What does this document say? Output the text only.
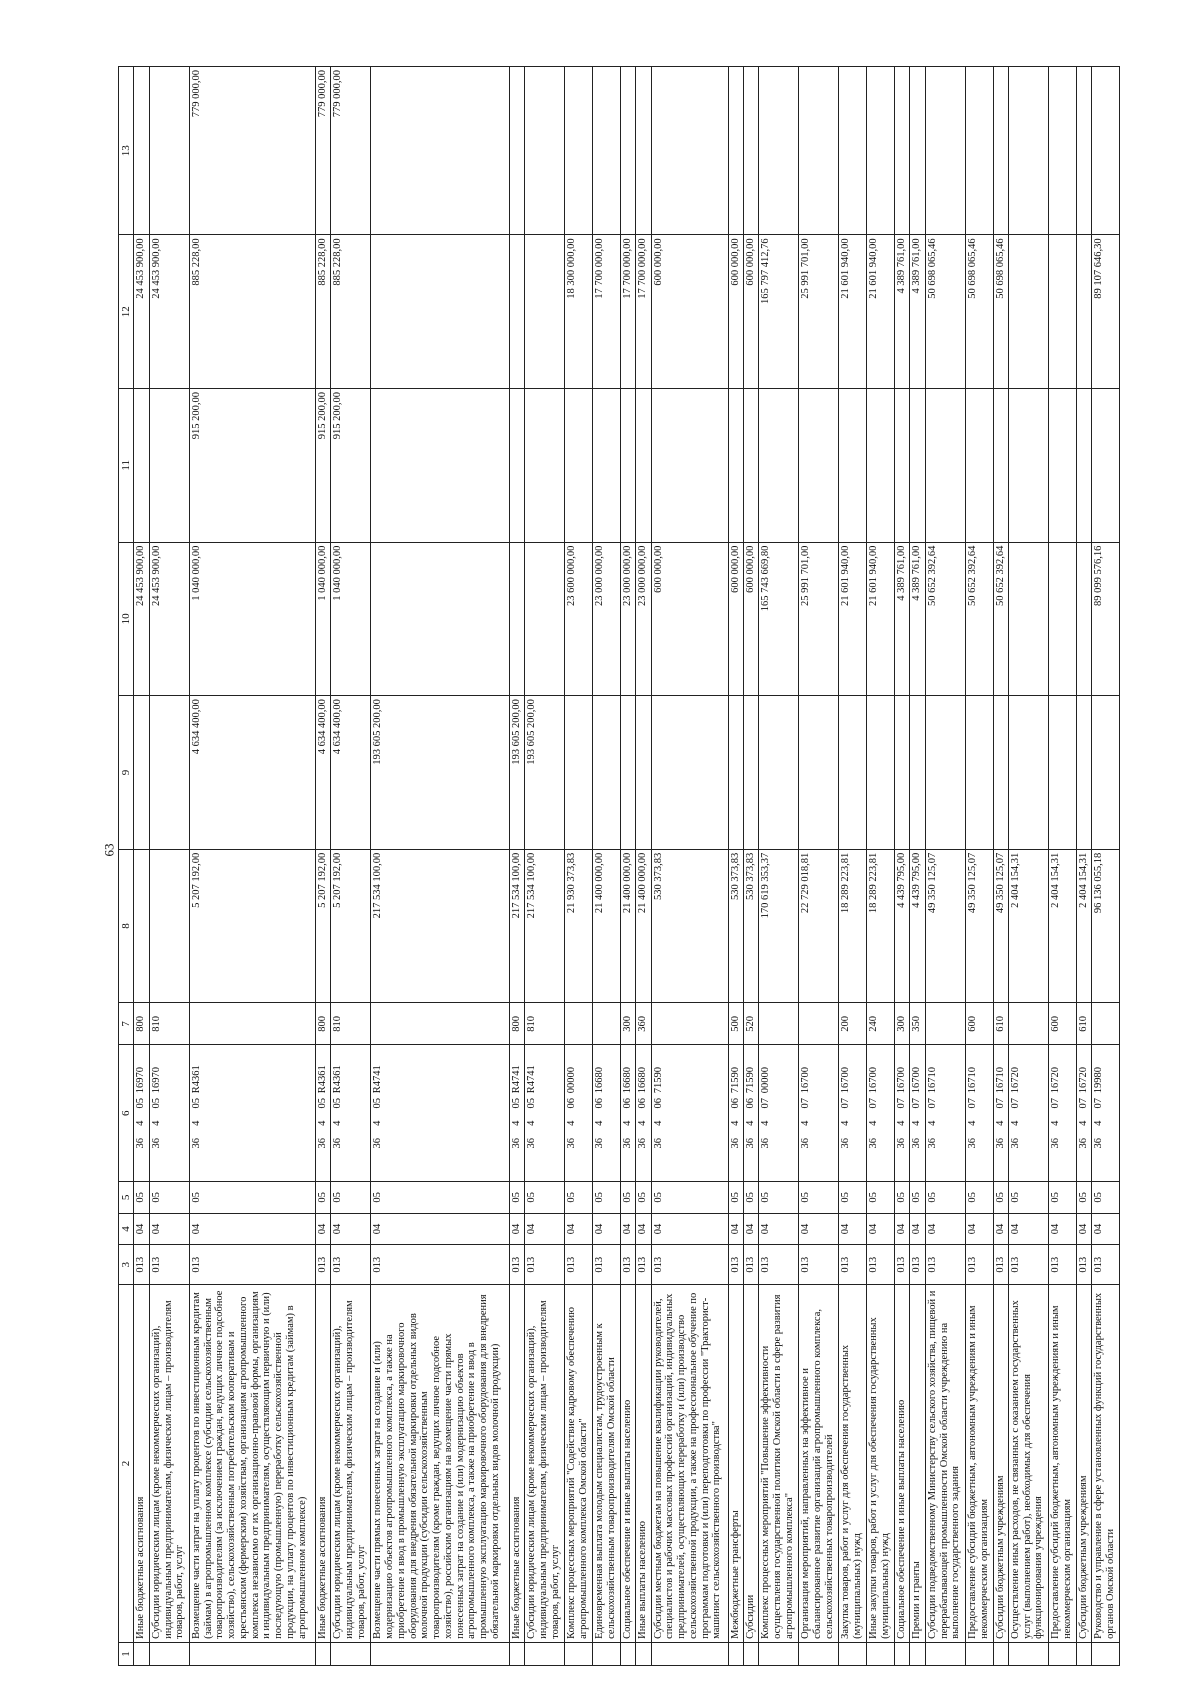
63
1	2	3	4	5	6	7	8	9	10	11	12	13
	Иные бюджетные ассигнования	013	04	05	3640516970	800			24 453 900,00		24 453 900,00	
	Субсидии юридическим лицам (кроме некоммерческих организаций), индивидуальным предпринимателям, физическим лицам – производителям товаров, работ, услуг	013	04	05	3640516970	810			24 453 900,00		24 453 900,00	
	Возмещение части затрат на уплату процентов по инвестиционным кредитам (займам) в агропромышленном комплексе (субсидии сельскохозяйственным товаропроизводителям (за исключением граждан, ведущих личное подсобное хозяйство), сельскохозяйственным потребительским кооперативам и крестьянским (фермерским) хозяйствам, организациям агропромышленного комплекса независимо от их организационно-правовой формы, организациям и индивидуальным предпринимателям, осуществляющим первичную и (или) последующую (промышленную) переработку сельскохозяйственной продукции, на уплату процентов по инвестиционным кредитам (займам) в агропромышленном комплексе)	013	04	05	36405R4361		5 207 192,00	4 634 400,00	1 040 000,00	915 200,00	885 228,00	779 000,00
	Иные бюджетные ассигнования	013	04	05	36405R4361	800	5 207 192,00	4 634 400,00	1 040 000,00	915 200,00	885 228,00	779 000,00
	Субсидии юридическим лицам (кроме некоммерческих организаций), индивидуальным предпринимателям, физическим лицам – производителям товаров, работ, услуг	013	04	05	36405R4361	810	5 207 192,00	4 634 400,00	1 040 000,00	915 200,00	885 228,00	779 000,00
	Возмещение части прямых понесенных затрат на создание и (или) модернизацию объектов агропромышленного комплекса, а также на приобретение и ввод в промышленную эксплуатацию маркировочного оборудования для внедрения обязательной маркировки отдельных видов молочной продукции (субсидии сельскохозяйственным товаропроизводителям (кроме граждан, ведущих личное подсобное хозяйство), российским организациям на возмещение части прямых понесенных затрат на создание и (или) модернизацию объектов агропромышленного комплекса, а также на приобретение и ввод в промышленную эксплуатацию маркировочного оборудования для внедрения обязательной маркировки отдельных видов молочной продукции)	013	04	05	36405R4741		217 534 100,00	193 605 200,00				
	Иные бюджетные ассигнования	013	04	05	36405R4741	800	217 534 100,00	193 605 200,00				
	Субсидии юридическим лицам (кроме некоммерческих организаций), индивидуальным предпринимателям, физическим лицам – производителям товаров, работ, услуг	013	04	05	36405R4741	810	217 534 100,00	193 605 200,00				
	Комплекс процессных мероприятий "Содействие кадровому обеспечению агропромышленного комплекса Омской области"	013	04	05	3640600000		21 930 373,83		23 600 000,00		18 300 000,00	
	Единовременная выплата молодым специалистам, трудоустроенным к сельскохозяйственным товаропроизводителям Омской области	013	04	05	3640616680		21 400 000,00		23 000 000,00		17 700 000,00	
	Социальное обеспечение и иные выплаты населению	013	04	05	3640616680	300	21 400 000,00		23 000 000,00		17 700 000,00	
	Иные выплаты населению	013	04	05	3640616680	360	21 400 000,00		23 000 000,00		17 700 000,00	
	Субсидии местным бюджетам на повышение квалификации руководителей, специалистов и рабочих массовых профессий организаций, индивидуальных предпринимателей, осуществляющих переработку и (или) производство сельскохозяйственной продукции, а также на профессиональное обучение по программам подготовки и (или) переподготовки по профессии "Тракторист-машинист сельскохозяйственного производства"	013	04	05	3640671590		530 373,83		600 000,00		600 000,00	
	Межбюджетные трансферты	013	04	05	3640671590	500	530 373,83		600 000,00		600 000,00	
	Субсидии	013	04	05	3640671590	520	530 373,83		600 000,00		600 000,00	
	Комплекс процессных мероприятий "Повышение эффективности осуществления государственной политики Омской области в сфере развития агропромышленного комплекса"	013	04	05	3640700000		170 619 353,37		165 743 669,80		165 797 412,76	
	Организация мероприятий, направленных на эффективное и сбалансированное развитие организаций агропромышленного комплекса, сельскохозяйственных товаропроизводителей	013	04	05	3640716700		22 729 018,81		25 991 701,00		25 991 701,00	
	Закупка товаров, работ и услуг для обеспечения государственных (муниципальных) нужд	013	04	05	3640716700	200	18 289 223,81		21 601 940,00		21 601 940,00	
	Иные закупки товаров, работ и услуг для обеспечения государственных (муниципальных) нужд	013	04	05	3640716700	240	18 289 223,81		21 601 940,00		21 601 940,00	
	Социальное обеспечение и иные выплаты населению	013	04	05	3640716700	300	4 439 795,00		4 389 761,00		4 389 761,00	
	Премии и гранты	013	04	05	3640716700	350	4 439 795,00		4 389 761,00		4 389 761,00	
	Субсидии подведомственному Министерству сельского хозяйства, пищевой и перерабатывающей промышленности Омской области учреждению на выполнение государственного задания	013	04	05	3640716710		49 350 125,07		50 652 392,64		50 698 065,46	
	Предоставление субсидий бюджетным, автономным учреждениям и иным некоммерческим организациям	013	04	05	3640716710	600	49 350 125,07		50 652 392,64		50 698 065,46	
	Субсидии бюджетным учреждениям	013	04	05	3640716710	610	49 350 125,07		50 652 392,64		50 698 065,46	
	Осуществление иных расходов, не связанных с оказанием государственных услуг (выполнением работ), необходимых для обеспечения функционирования учреждения	013	04	05	3640716720		2 404 154,31					
	Предоставление субсидий бюджетным, автономным учреждениям и иным некоммерческим организациям	013	04	05	3640716720	600	2 404 154,31					
	Субсидии бюджетным учреждениям	013	04	05	3640716720	610	2 404 154,31					
	Руководство и управление в сфере установленных функций государственных органов Омской области	013	04	05	3640719980		96 136 055,18		89 099 576,16		89 107 646,30	
